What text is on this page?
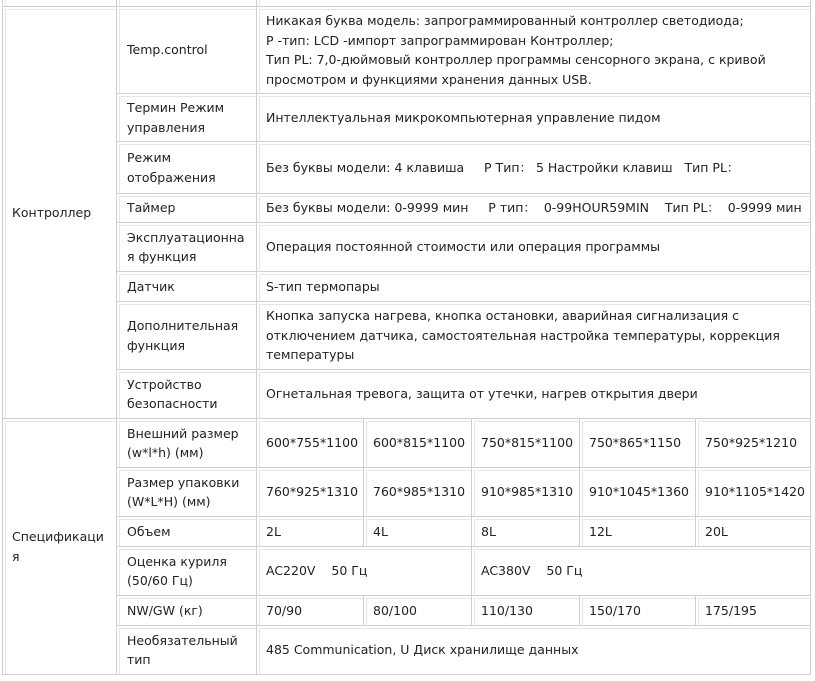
Контроллер	Temp.control	Никакая буква модель: запрограммированный контроллер светодиода;
P -тип: LCD -импорт запрограммирован Контроллер;
Тип PL: 7,0-дюймовый контроллер программы сенсорного экрана, с кривой
просмотром и функциями хранения данных USB.				
	Термин Режим управления	Интеллектуальная микрокомпьютерная управление пидом				
	Режим отображения	Без буквы модели: 4 клавиша     P Тип： 5 Настройки клавиш   Тип PL：				
	Таймер	Без буквы модели: 0-9999 мин     P тип：  0-99HOUR59MIN    Тип PL：  0-9999 мин				
	Эксплуатационная функция	Операция постоянной стоимости или операция программы				
	Датчик	S-тип термопары				
	Дополнительная функция	Кнопка запуска нагрева, кнопка остановки, аварийная сигнализация с
отключением датчика, самостоятельная настройка температуры, коррекция
температуры				
	Устройство безопасности	Огнетальная тревога, защита от утечки, нагрев открытия двери				
Спецификация	Внешний размер (w*l*h) (мм)	600*755*1100	600*815*1100	750*815*1100	750*865*1150	750*925*1210
	Размер упаковки (W*L*H) (мм)	760*925*1310	760*985*1310	910*985*1310	910*1045*1360	910*1105*1420
	Объем	2L	4L	8L	12L	20L
	Оценка куриля (50/60 Гц)	AC220V    50 Гц		AC380V    50 Гц		
	NW/GW (кг)	70/90	80/100	110/130	150/170	175/195
	Необязательный тип	485 Communication, U Диск хранилище данных				
